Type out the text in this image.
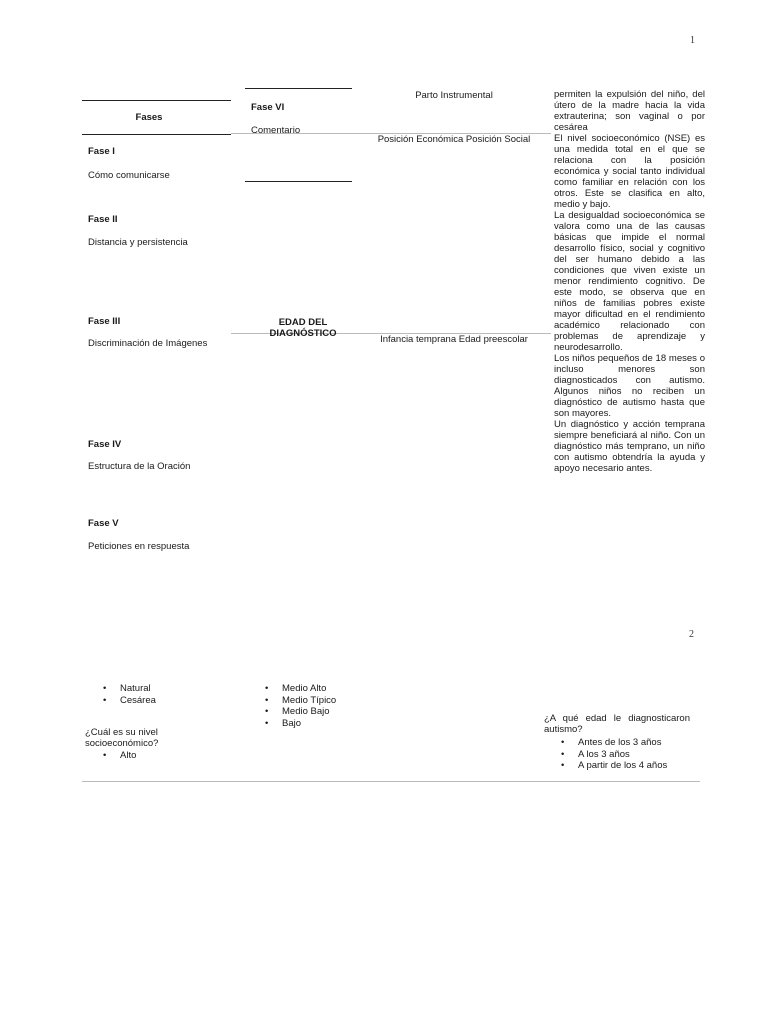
1
2
Fases
Fase I
Cómo comunicarse
Fase II
Distancia y persistencia
Fase III
Discriminación de Imágenes
Fase IV
Estructura de la Oración
Fase V
Peticiones en respuesta
Fase VI
Comentario
EDAD DEL DIAGNÓSTICO
Parto Instrumental
Posición Económica Posición Social
Infancia temprana Edad preescolar

permiten la expulsión del niño, del útero de la madre hacia la vida extrauterina; son vaginal o por cesárea

El nivel socioeconómico (NSE) es una medida total en el que se relaciona con la posición económica y social tanto individual como familiar en relación con los otros. Este se clasifica en alto, medio y bajo.

La desigualdad socioeconómica se valora como una de las causas básicas que impide el normal desarrollo físico, social y cognitivo del ser humano debido a las condiciones que viven existe un menor rendimiento cognitivo. De este modo, se observa que en niños de familias pobres existe mayor dificultad en el rendimiento académico relacionado con problemas de aprendizaje y neurodesarrollo.

Los niños pequeños de 18 meses o incluso menores son diagnosticados con autismo. Algunos niños no reciben un diagnóstico de autismo hasta que son mayores.

Un diagnóstico y acción temprana siempre beneficiará al niño. Con un diagnóstico más temprano, un niño con autismo obtendría la ayuda y apoyo necesario antes.

• Natural
• Cesárea
¿Cuál es su nivel socioeconómico?
• Alto
• Medio Alto
• Medio Típico
• Medio Bajo
• Bajo	¿A qué edad le diagnosticaron autismo?
• Antes de los 3 años
• A los 3 años
• A partir de los 4 años
